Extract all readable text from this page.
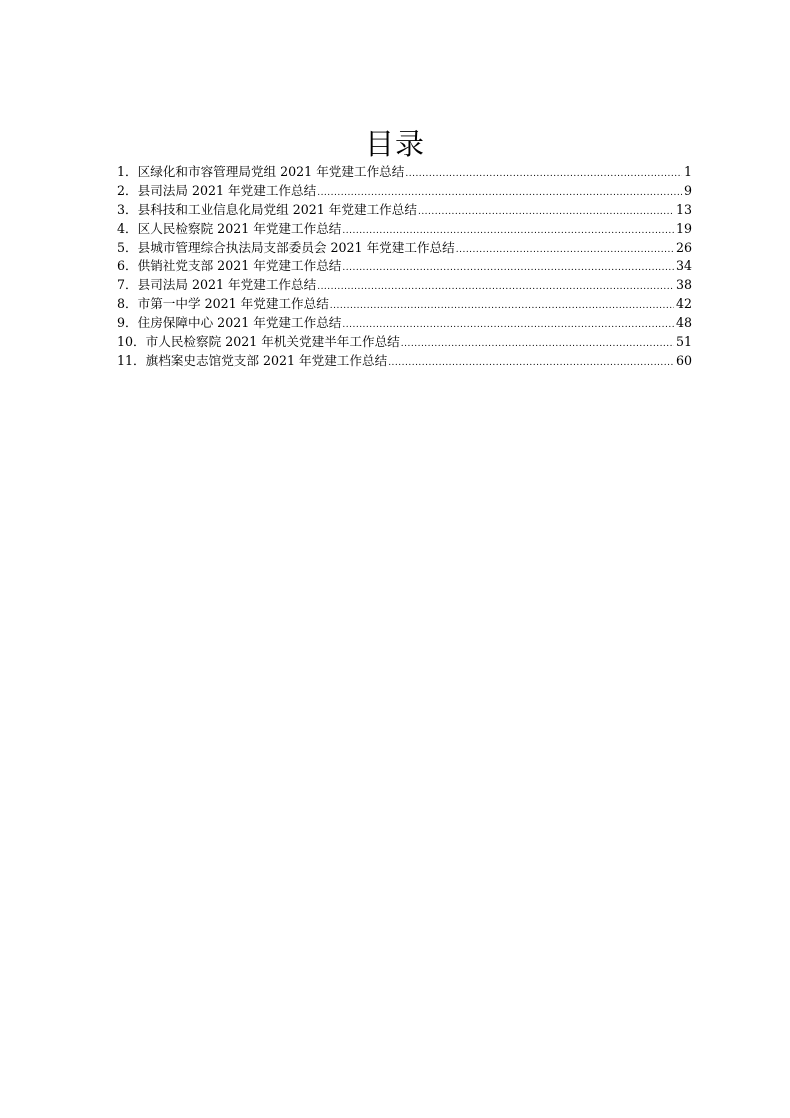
目录
1． 区绿化和市容管理局党组 2021 年党建工作总结 .....	1
2． 县司法局 2021 年党建工作总结 .....	9
3． 县科技和工业信息化局党组 2021 年党建工作总结 .....	13
4． 区人民检察院 2021 年党建工作总结 .....	19
5． 县城市管理综合执法局支部委员会 2021 年党建工作总结 .....	26
6． 供销社党支部 2021 年党建工作总结 .....	34
7． 县司法局 2021 年党建工作总结 .....	38
8． 市第一中学 2021 年党建工作总结 .....	42
9． 住房保障中心 2021 年党建工作总结 .....	48
10． 市人民检察院 2021 年机关党建半年工作总结 .....	51
11． 旗档案史志馆党支部 2021 年党建工作总结 .....	60
